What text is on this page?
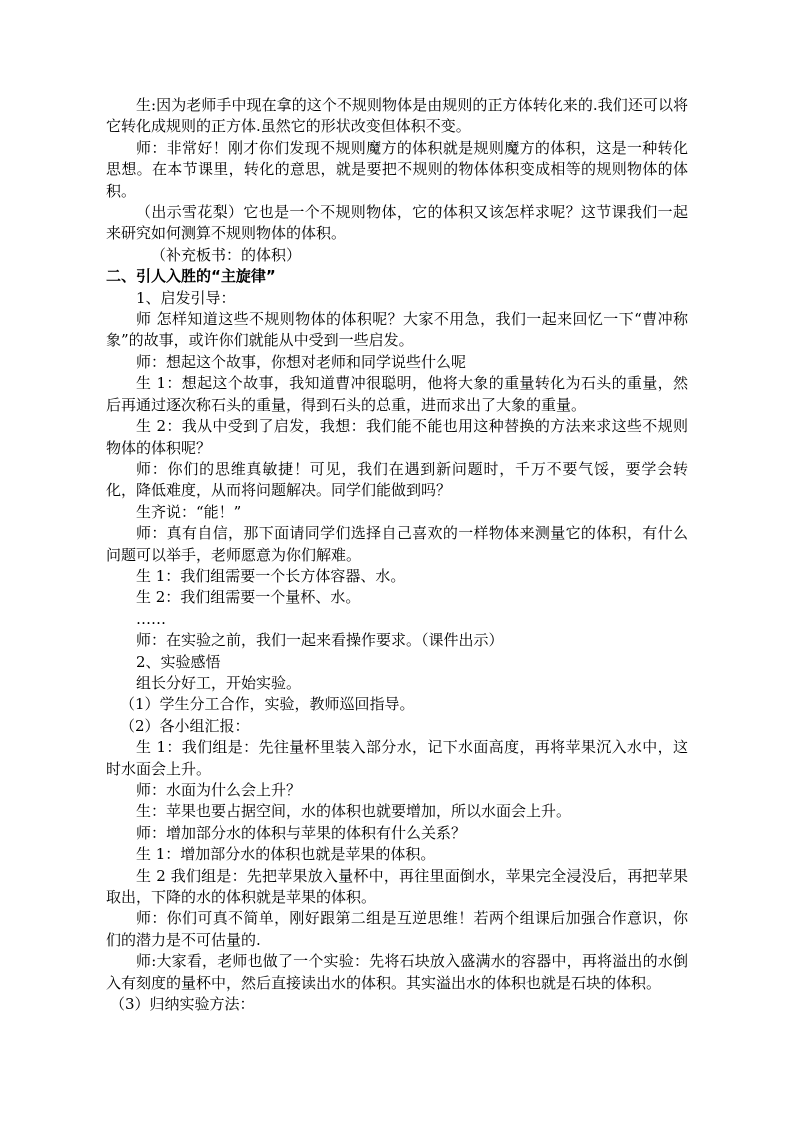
生:因为老师手中现在拿的这个不规则物体是由规则的正方体转化来的.我们还可以将它转化成规则的正方体.虽然它的形状改变但体积不变。

师：非常好！刚才你们发现不规则魔方的体积就是规则魔方的体积，这是一种转化思想。在本节课里，转化的意思，就是要把不规则的物体体积变成相等的规则物体的体积。

（出示雪花梨）它也是一个不规则物体，它的体积又该怎样求呢？这节课我们一起来研究如何测算不规则物体的体积。

（补充板书：的体积）

二、引人入胜的“主旋律”

1、启发引导：

师 怎样知道这些不规则物体的体积呢？大家不用急，我们一起来回忆一下“曹冲称象”的故事，或许你们就能从中受到一些启发。

师：想起这个故事，你想对老师和同学说些什么呢

生 1：想起这个故事，我知道曹冲很聪明，他将大象的重量转化为石头的重量，然后再通过逐次称石头的重量，得到石头的总重，进而求出了大象的重量。

生 2：我从中受到了启发，我想：我们能不能也用这种替换的方法来求这些不规则物体的体积呢？

师：你们的思维真敏捷！可见，我们在遇到新问题时，千万不要气馁，要学会转化，降低难度，从而将问题解决。同学们能做到吗？

生齐说：“能！”

师：真有自信，那下面请同学们选择自己喜欢的一样物体来测量它的体积，有什么问题可以举手，老师愿意为你们解难。

生 1：我们组需要一个长方体容器、水。

生 2：我们组需要一个量杯、水。

……

师：在实验之前，我们一起来看操作要求。（课件出示）

2、实验感悟

组长分好工，开始实验。

（1）学生分工合作，实验，教师巡回指导。

（2）各小组汇报：

生 1：我们组是：先往量杯里装入部分水，记下水面高度，再将苹果沉入水中，这时水面会上升。

师：水面为什么会上升？

生：苹果也要占据空间，水的体积也就要增加，所以水面会上升。

师：增加部分水的体积与苹果的体积有什么关系？

生 1：增加部分水的体积也就是苹果的体积。

生 2 我们组是：先把苹果放入量杯中，再往里面倒水，苹果完全浸没后，再把苹果取出，下降的水的体积就是苹果的体积。

师：你们可真不简单，刚好跟第二组是互逆思维！若两个组课后加强合作意识，你们的潜力是不可估量的.

师:大家看，老师也做了一个实验：先将石块放入盛满水的容器中，再将溢出的水倒入有刻度的量杯中，然后直接读出水的体积。其实溢出水的体积也就是石块的体积。

（3）归纳实验方法：
